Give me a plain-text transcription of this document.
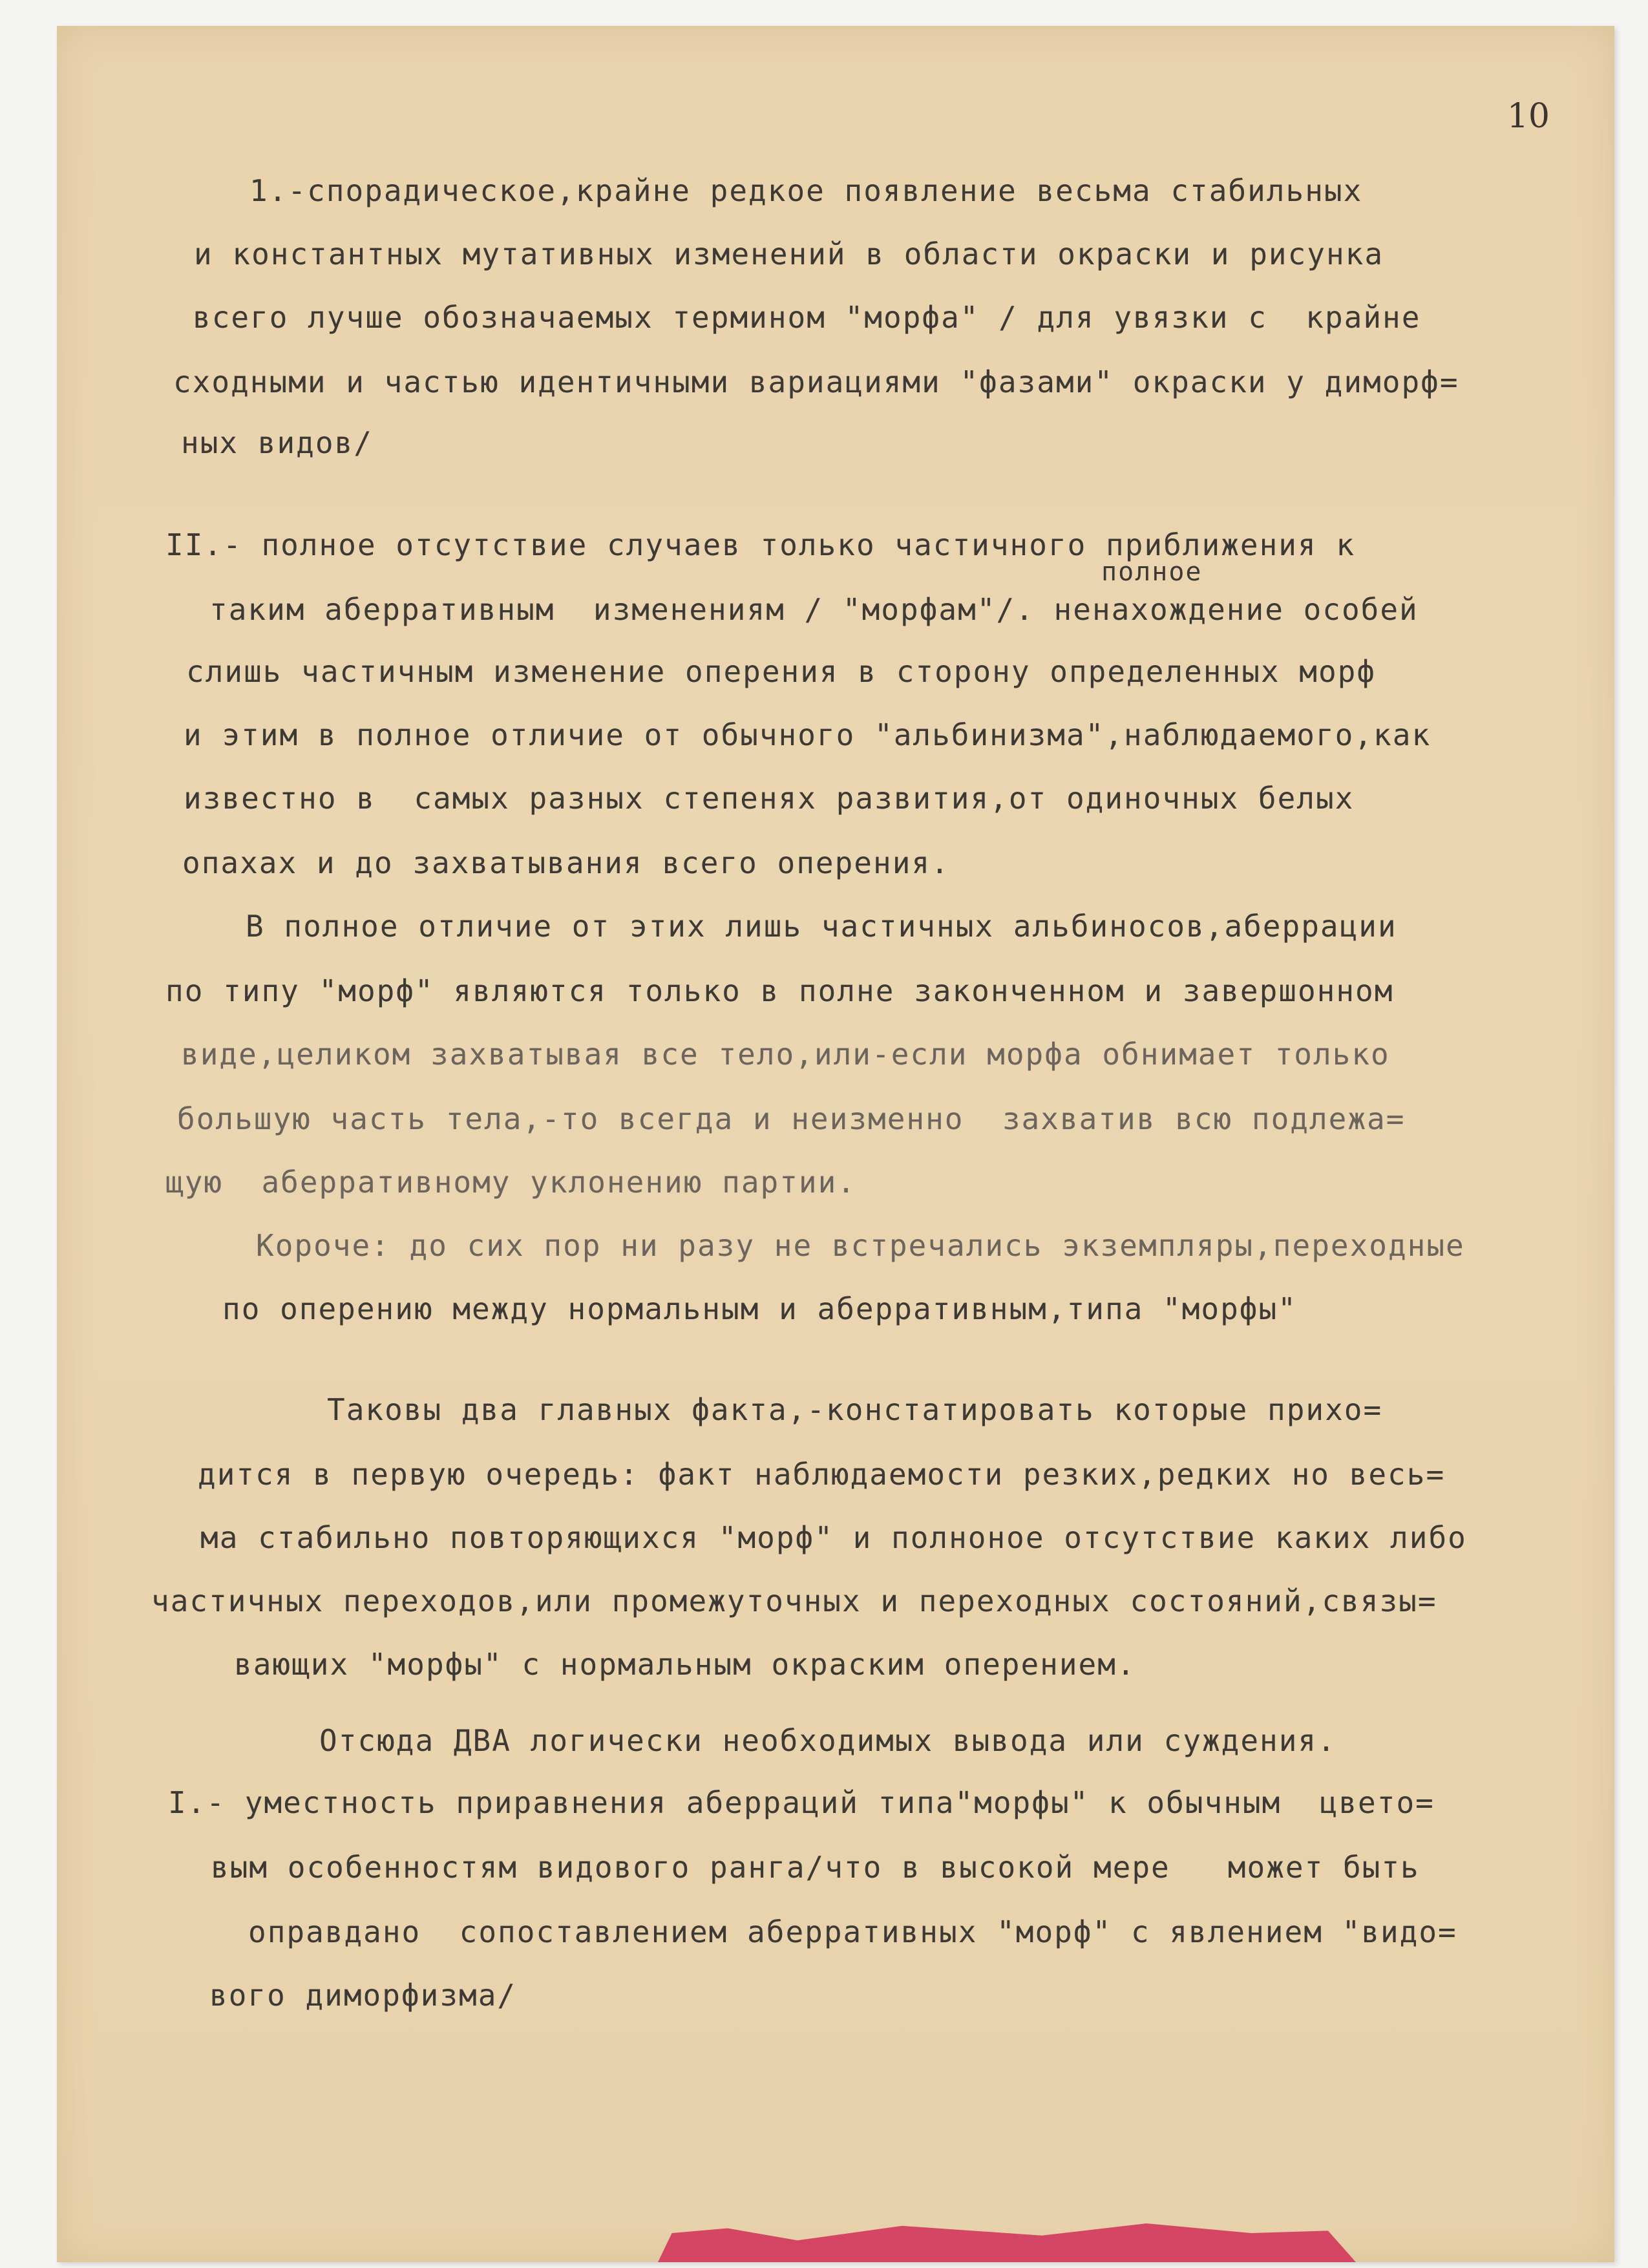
10
1.-спорадическое,крайне редкое появление весьма стабильных
и константных мутативных изменений в области окраски и рисунка
всего лучше обозначаемых термином "морфа" / для увязки с  крайне
сходными и частью идентичными вариациями "фазами" окраски у диморф=
ных видов/
II.- полное отсутствие случаев только частичного приближения к
полное
таким аберративным  изменениям / "морфам"/. ненахождение особей
слишь частичным изменение оперения в сторону определенных морф
и этим в полное отличие от обычного "альбинизма",наблюдаемого,как
известно в  самых разных степенях развития,от одиночных белых
опахах и до захватывания всего оперения.
В полное отличие от этих лишь частичных альбиносов,аберрации
по типу "морф" являются только в полне законченном и завершонном
виде,целиком захватывая все тело,или-если морфа обнимает только
большую часть тела,-то всегда и неизменно  захватив всю подлежа=
щую  аберративному уклонению партии.
Короче: до сих пор ни разу не встречались экземпляры,переходные
по оперению между нормальным и аберративным,типа "морфы"
Таковы два главных факта,-констатировать которые прихо=
дится в первую очередь: факт наблюдаемости резких,редких но весь=
ма стабильно повторяющихся "морф" и полноное отсутствие каких либо
частичных переходов,или промежуточных и переходных состояний,связы=
вающих "морфы" с нормальным окраским оперением.
Отсюда ДВА логически необходимых вывода или суждения.
I.- уместность приравнения аберраций типа"морфы" к обычным  цвето=
вым особенностям видового ранга/что в высокой мере   может быть
оправдано  сопоставлением аберративных "морф" с явлением "видо=
вого диморфизма/
